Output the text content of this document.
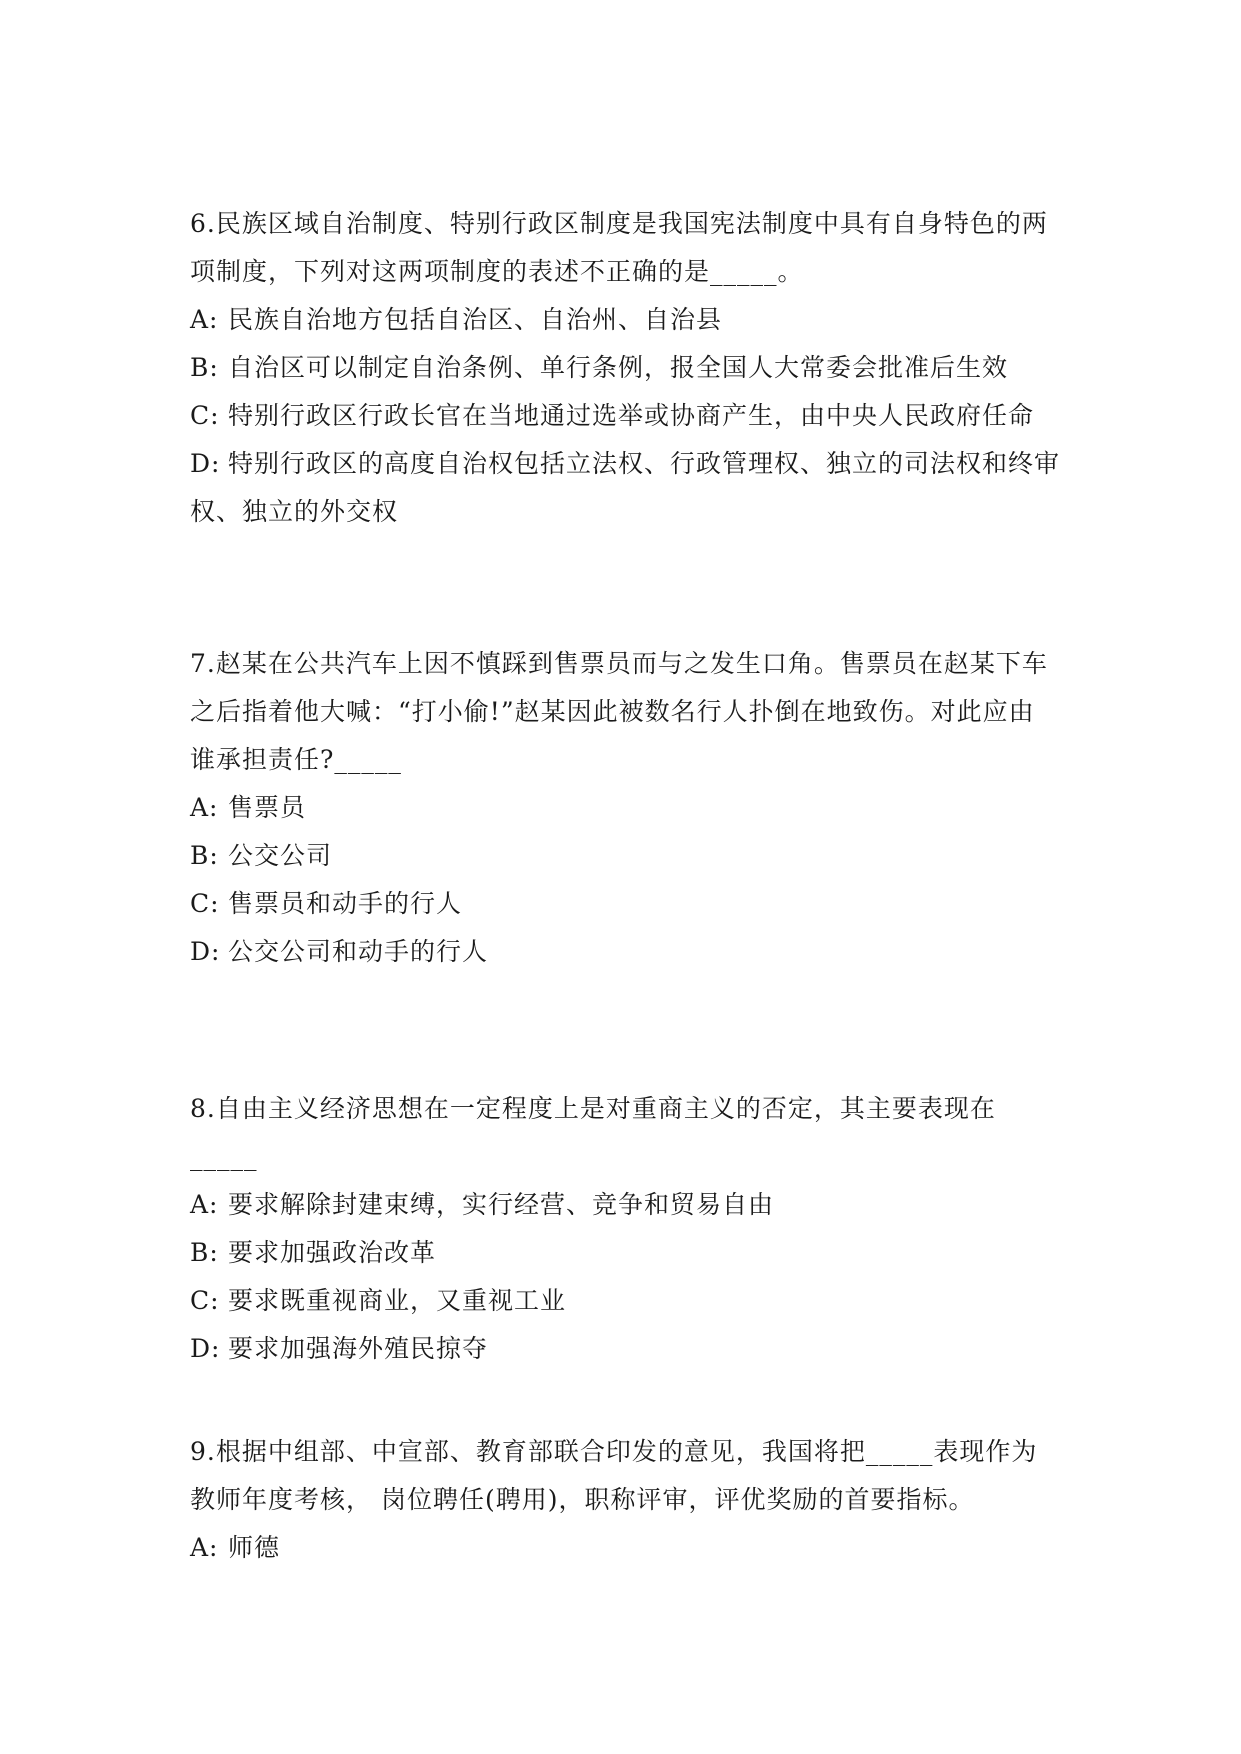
6.民族区域自治制度、特别行政区制度是我国宪法制度中具有自身特色的两项制度，下列对这两项制度的表述不正确的是_____。

A: 民族自治地方包括自治区、自治州、自治县

B: 自治区可以制定自治条例、单行条例，报全国人大常委会批准后生效

C: 特别行政区行政长官在当地通过选举或协商产生，由中央人民政府任命

D: 特别行政区的高度自治权包括立法权、行政管理权、独立的司法权和终审权、独立的外交权

7.赵某在公共汽车上因不慎踩到售票员而与之发生口角。售票员在赵某下车之后指着他大喊：“打小偷!”赵某因此被数名行人扑倒在地致伤。对此应由谁承担责任?_____

A: 售票员

B: 公交公司

C: 售票员和动手的行人

D: 公交公司和动手的行人

8.自由主义经济思想在一定程度上是对重商主义的否定，其主要表现在_____

A: 要求解除封建束缚，实行经营、竞争和贸易自由

B: 要求加强政治改革

C: 要求既重视商业，又重视工业

D: 要求加强海外殖民掠夺

9.根据中组部、中宣部、教育部联合印发的意见，我国将把_____表现作为教师年度考核， 岗位聘任(聘用)，职称评审，评优奖励的首要指标。

A: 师德
